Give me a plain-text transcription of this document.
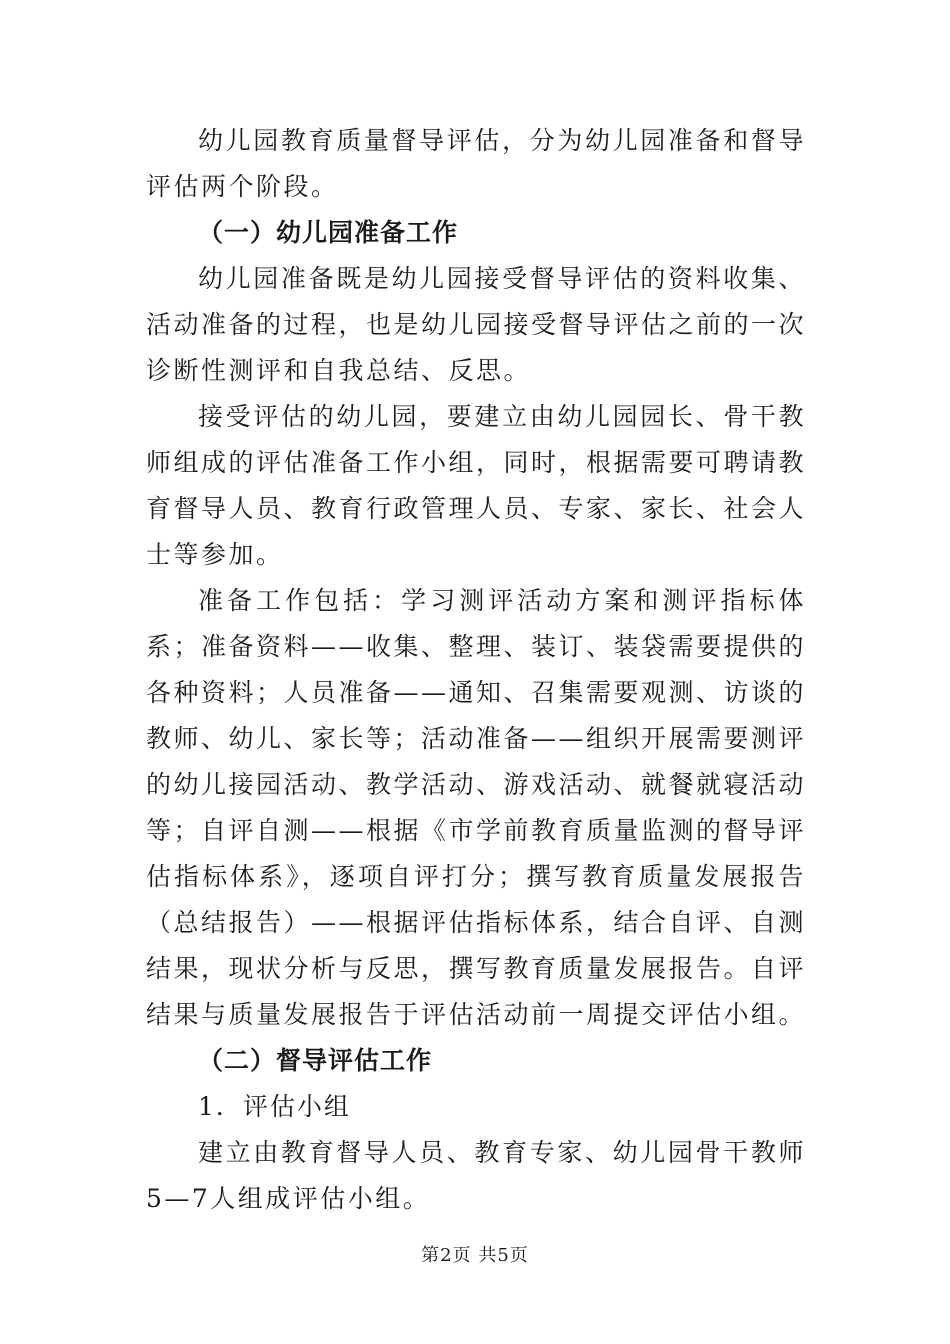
幼儿园教育质量督导评估，分为幼儿园准备和督导评估两个阶段。

（一）幼儿园准备工作

幼儿园准备既是幼儿园接受督导评估的资料收集、活动准备的过程，也是幼儿园接受督导评估之前的一次诊断性测评和自我总结、反思。

接受评估的幼儿园，要建立由幼儿园园长、骨干教师组成的评估准备工作小组，同时，根据需要可聘请教育督导人员、教育行政管理人员、专家、家长、社会人士等参加。

准备工作包括：学习测评活动方案和测评指标体系；准备资料——收集、整理、装订、装袋需要提供的各种资料；人员准备——通知、召集需要观测、访谈的教师、幼儿、家长等；活动准备——组织开展需要测评的幼儿接园活动、教学活动、游戏活动、就餐就寝活动等；自评自测——根据《市学前教育质量监测的督导评估指标体系》，逐项自评打分；撰写教育质量发展报告（总结报告）——根据评估指标体系，结合自评、自测结果，现状分析与反思，撰写教育质量发展报告。自评结果与质量发展报告于评估活动前一周提交评估小组。

（二）督导评估工作

1．评估小组

建立由教育督导人员、教育专家、幼儿园骨干教师5—7人组成评估小组。

第2页 共5页
